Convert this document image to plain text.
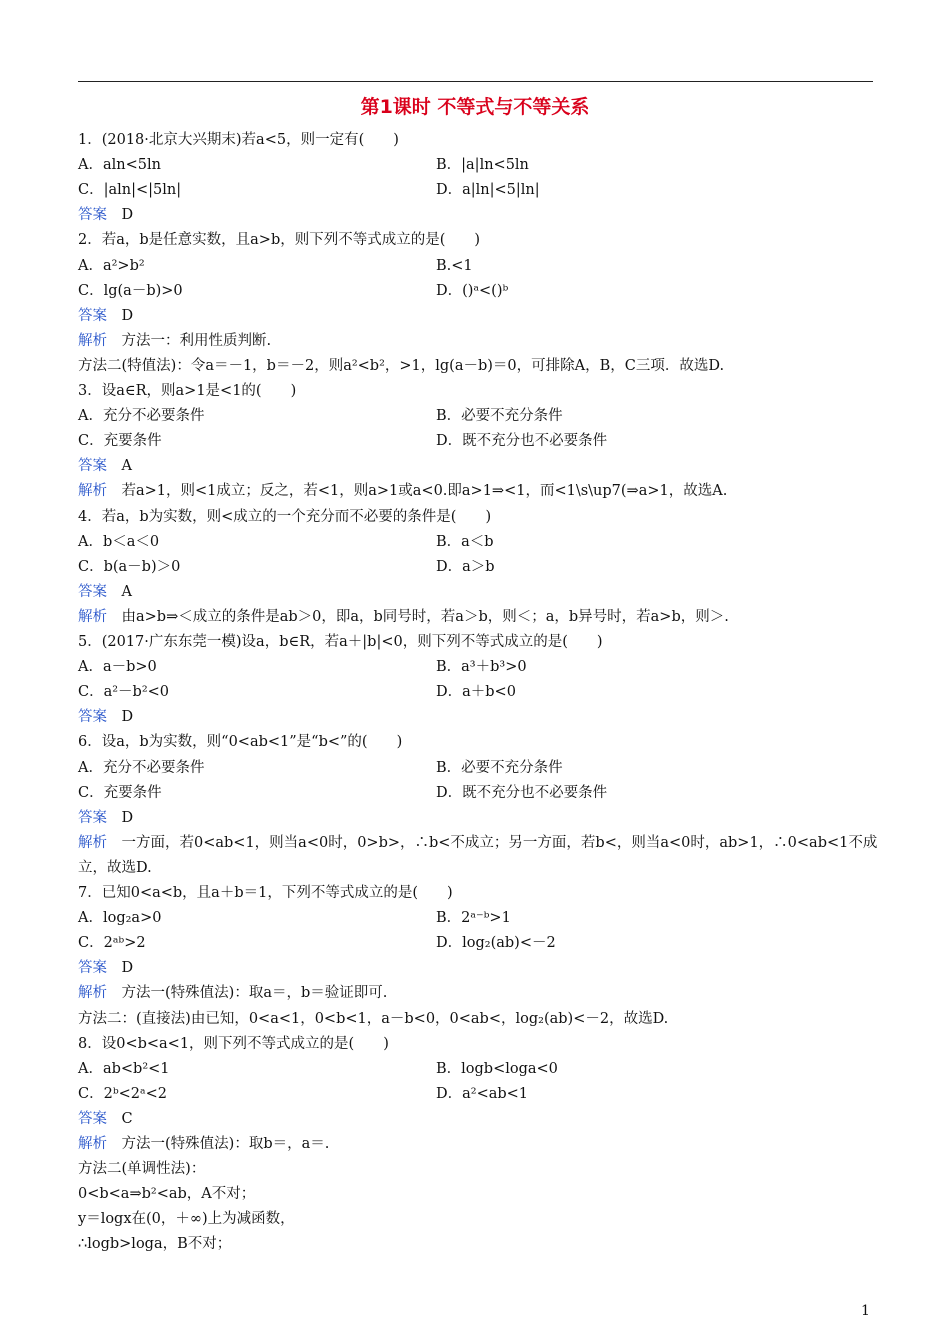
第1课时 不等式与不等关系
1．(2018·北京大兴期末)若a<5，则一定有(　　)
A．aln<5ln	B．|a|ln<5ln
C．|aln|<|5ln|	D．a|ln|<5|ln|
答案　 D
2．若a，b是任意实数，且a>b，则下列不等式成立的是(　　)
A．a²>b²	B.<1
C．lg(a－b)>0	D．()ᵃ<()ᵇ
答案　 D
解析　 方法一：利用性质判断.
方法二(特值法)：令a＝－1，b＝－2，则a²<b²，>1，lg(a－b)＝0，可排除A，B，C三项．故选D.
3．设a∈R，则a>1是<1的(　　)
A．充分不必要条件	B．必要不充分条件
C．充要条件	D．既不充分也不必要条件
答案　 A
解析　 若a>1，则<1成立；反之，若<1，则a>1或a<0.即a>1⇒<1，而<1\s\up7(⇒a>1，故选A.
4．若a，b为实数，则<成立的一个充分而不必要的条件是(　　)
A．b＜a＜0	B．a＜b
C．b(a－b)＞0	D．a＞b
答案　 A
解析　 由a>b⇒＜成立的条件是ab＞0，即a，b同号时，若a＞b，则＜；a，b异号时，若a>b，则＞.
5．(2017·广东东莞一模)设a，b∈R，若a＋|b|<0，则下列不等式成立的是(　　)
A．a－b>0	B．a³＋b³>0
C．a²－b²<0	D．a＋b<0
答案　 D
6．设a，b为实数，则“0<ab<1”是“b<”的(　　)
A．充分不必要条件	B．必要不充分条件
C．充要条件	D．既不充分也不必要条件
答案　 D
解析　 一方面，若0<ab<1，则当a<0时，0>b>，∴b<不成立；另一方面，若b<，则当a<0时，ab>1，∴0<ab<1不成
立，故选D.
7．已知0<a<b，且a＋b＝1，下列不等式成立的是(　　)
A．log₂a>0	B．2ᵃ⁻ᵇ>1
C．2ᵃᵇ>2	D．log₂(ab)<－2
答案　 D
解析　 方法一(特殊值法)：取a＝，b＝验证即可.
方法二：(直接法)由已知，0<a<1，0<b<1，a－b<0，0<ab<，log₂(ab)<－2，故选D.
8．设0<b<a<1，则下列不等式成立的是(　　)
A．ab<b²<1	B．logb<loga<0
C．2ᵇ<2ᵃ<2	D．a²<ab<1
答案　 C
解析　 方法一(特殊值法)：取b＝，a＝.
方法二(单调性法)：
0<b<a⇒b²<ab，A不对；
y＝logx在(0，＋∞)上为减函数，
∴logb>loga，B不对；
1
